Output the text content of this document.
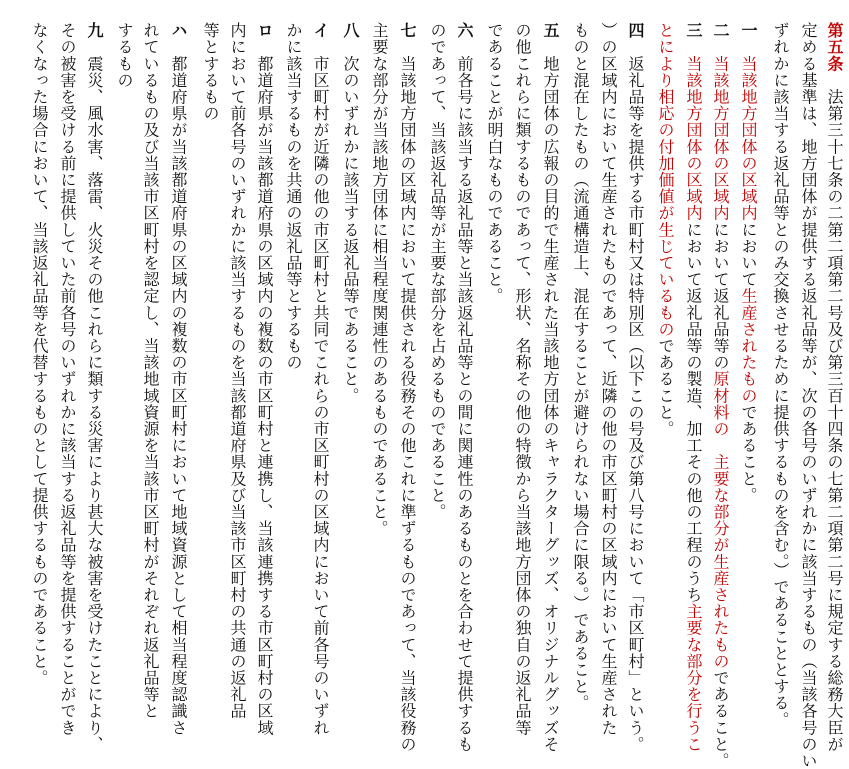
第五条　法第三十七条の二第二項第二号及び第三百十四条の七第二項第二号に規定する総務大臣が
定める基準は、地方団体が提供する返礼品等が、次の各号のいずれかに該当するもの（当該各号のい
ずれかに該当する返礼品等とのみ交換させるために提供するものを含む。）であることとする。
一　当該地方団体の区域内において生産されたものであること。
二　当該地方団体の区域内において返礼品等の原材料の　主要な部分が生産されたものであること。
三　当該地方団体の区域内において返礼品等の製造、加工その他の工程のうち主要な部分を行うこ
とにより相応の付加価値が生じているものであること。
四　返礼品等を提供する市町村又は特別区（以下この号及び第八号において「市区町村」という。
）の区域内において生産されたものであって、近隣の他の市区町村の区域内において生産された
ものと混在したもの（流通構造上、混在することが避けられない場合に限る。）であること。
五　地方団体の広報の目的で生産された当該地方団体のキャラクターグッズ、オリジナルグッズそ
の他これらに類するものであって、形状、名称その他の特徴から当該地方団体の独自の返礼品等
であることが明白なものであること。
六　前各号に該当する返礼品等と当該返礼品等との間に関連性のあるものとを合わせて提供するも
のであって、当該返礼品等が主要な部分を占めるものであること。
七　当該地方団体の区域内において提供される役務その他これに準ずるものであって、当該役務の
主要な部分が当該地方団体に相当程度関連性のあるものであること。
八　次のいずれかに該当する返礼品等であること。
イ　市区町村が近隣の他の市区町村と共同でこれらの市区町村の区域内において前各号のいずれ
かに該当するものを共通の返礼品等とするもの
ロ　都道府県が当該都道府県の区域内の複数の市区町村と連携し、当該連携する市区町村の区域
内において前各号のいずれかに該当するものを当該都道府県及び当該市区町村の共通の返礼品
等とするもの
ハ　都道府県が当該都道府県の区域内の複数の市区町村において地域資源として相当程度認識さ
れているもの及び当該市区町村を認定し、当該地域資源を当該市区町村がそれぞれ返礼品等と
するもの
九　震災、風水害、落雷、火災その他これらに類する災害により甚大な被害を受けたことにより、
その被害を受ける前に提供していた前各号のいずれかに該当する返礼品等を提供することができ
なくなった場合において、当該返礼品等を代替するものとして提供するものであること。
